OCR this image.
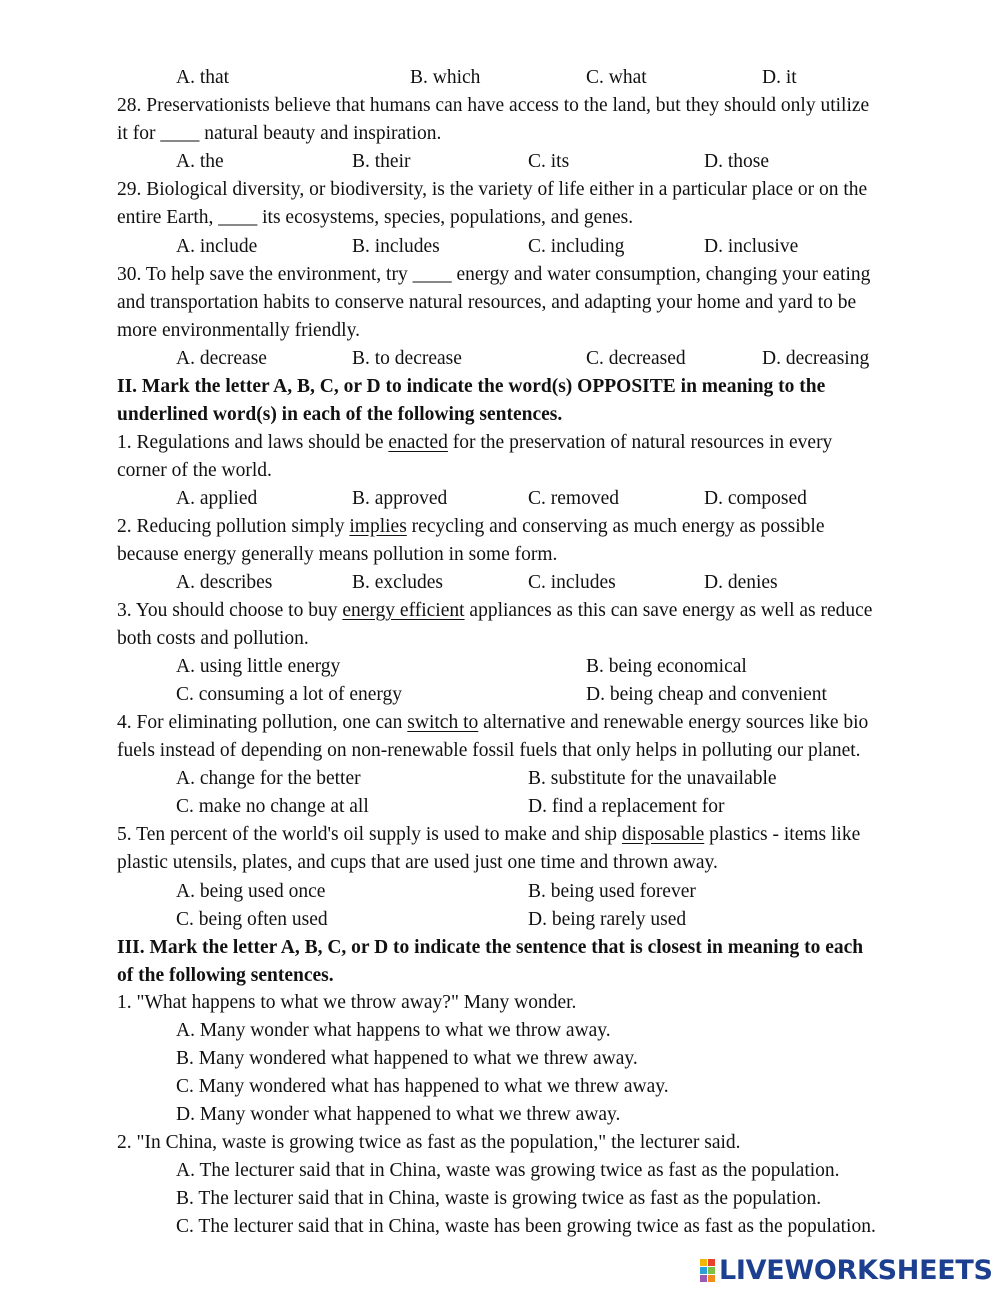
A. that	B. which	C. what	D. it
28. Preservationists believe that humans can have access to the land, but they should only utilize
it for ____ natural beauty and inspiration.
A. the	B. their	C. its	D. those
29. Biological diversity, or biodiversity, is the variety of life either in a particular place or on the
entire Earth, ____ its ecosystems, species, populations, and genes.
A. include	B. includes	C. including	D. inclusive
30. To help save the environment, try ____ energy and water consumption, changing your eating
and transportation habits to conserve natural resources, and adapting your home and yard to be
more environmentally friendly.
A. decrease	B. to decrease	C. decreased	D. decreasing
II. Mark the letter A, B, C, or D to indicate the word(s) OPPOSITE in meaning to the
underlined word(s) in each of the following sentences.
1. Regulations and laws should be enacted for the preservation of natural resources in every
corner of the world.
A. applied	B. approved	C. removed	D. composed
2. Reducing pollution simply implies recycling and conserving as much energy as possible
because energy generally means pollution in some form.
A. describes	B. excludes	C. includes	D. denies
3. You should choose to buy energy efficient appliances as this can save energy as well as reduce
both costs and pollution.
A. using little energy	B. being economical
C. consuming a lot of energy	D. being cheap and convenient
4. For eliminating pollution, one can switch to alternative and renewable energy sources like bio
fuels instead of depending on non-renewable fossil fuels that only helps in polluting our planet.
A. change for the better	B. substitute for the unavailable
C. make no change at all	D. find a replacement for
5. Ten percent of the world's oil supply is used to make and ship disposable plastics - items like
plastic utensils, plates, and cups that are used just one time and thrown away.
A. being used once	B. being used forever
C. being often used	D. being rarely used
III. Mark the letter A, B, C, or D to indicate the sentence that is closest in meaning to each
of the following sentences.
1. "What happens to what we throw away?" Many wonder.
A. Many wonder what happens to what we throw away.
B. Many wondered what happened to what we threw away.
C. Many wondered what has happened to what we threw away.
D. Many wonder what happened to what we threw away.
2. "In China, waste is growing twice as fast as the population," the lecturer said.
A. The lecturer said that in China, waste was growing twice as fast as the population.
B. The lecturer said that in China, waste is growing twice as fast as the population.
C. The lecturer said that in China, waste has been growing twice as fast as the population.
LIVEWORKSHEETS
